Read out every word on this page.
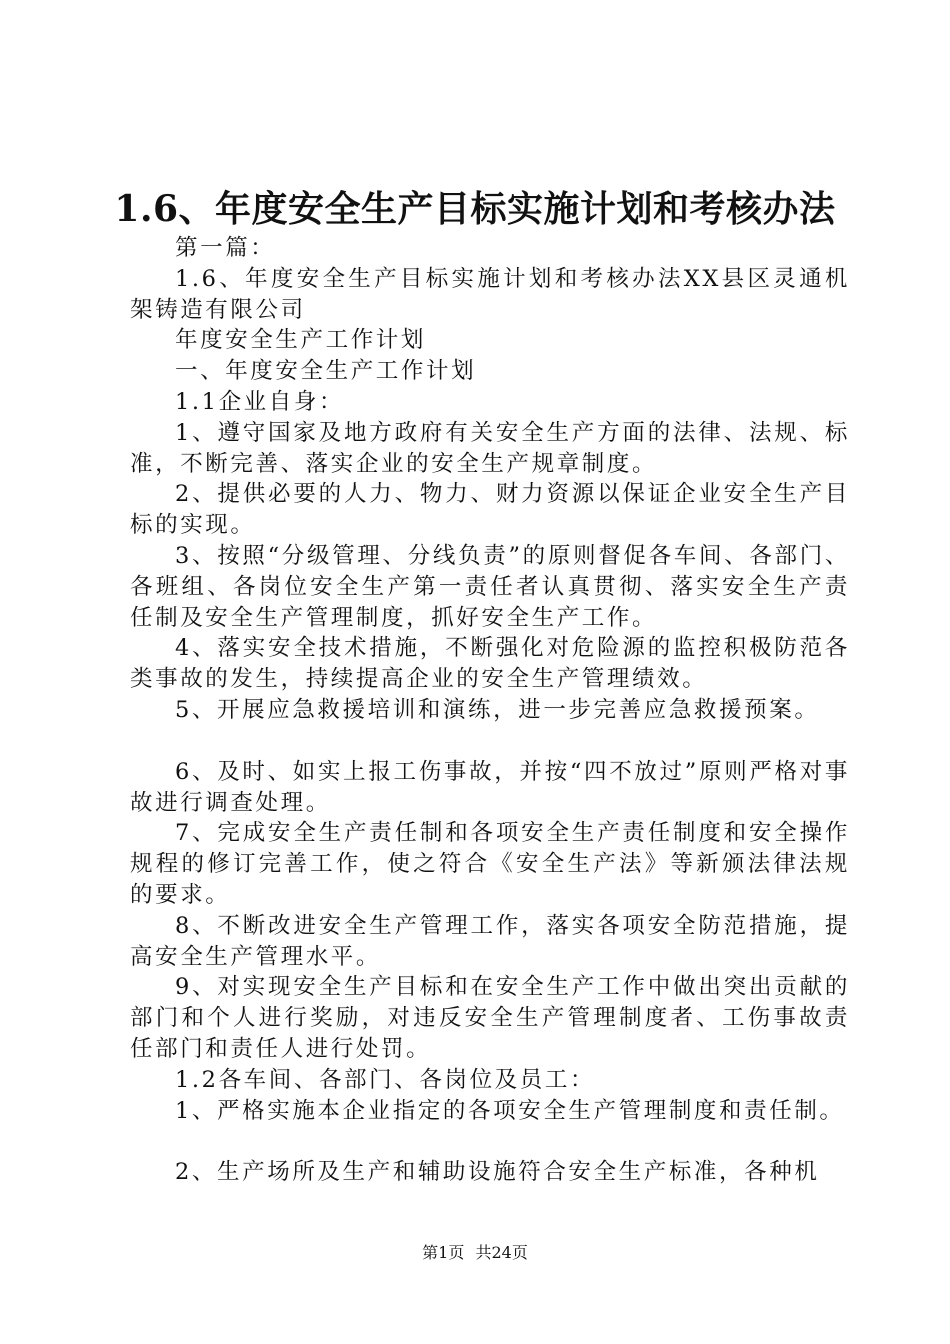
1.6、年度安全生产目标实施计划和考核办法

第一篇：

1.6、年度安全生产目标实施计划和考核办法XX县区灵通机架铸造有限公司

年度安全生产工作计划

一、年度安全生产工作计划

1.1企业自身：

1、遵守国家及地方政府有关安全生产方面的法律、法规、标准，不断完善、落实企业的安全生产规章制度。

2、提供必要的人力、物力、财力资源以保证企业安全生产目标的实现。

3、按照“分级管理、分线负责”的原则督促各车间、各部门、各班组、各岗位安全生产第一责任者认真贯彻、落实安全生产责任制及安全生产管理制度，抓好安全生产工作。

4、落实安全技术措施，不断强化对危险源的监控积极防范各类事故的发生，持续提高企业的安全生产管理绩效。

5、开展应急救援培训和演练，进一步完善应急救援预案。

6、及时、如实上报工伤事故，并按“四不放过”原则严格对事故进行调查处理。

7、完成安全生产责任制和各项安全生产责任制度和安全操作规程的修订完善工作，使之符合《安全生产法》等新颁法律法规的要求。

8、不断改进安全生产管理工作，落实各项安全防范措施，提高安全生产管理水平。

9、对实现安全生产目标和在安全生产工作中做出突出贡献的部门和个人进行奖励，对违反安全生产管理制度者、工伤事故责任部门和责任人进行处罚。

1.2各车间、各部门、各岗位及员工：

1、严格实施本企业指定的各项安全生产管理制度和责任制。

2、生产场所及生产和辅助设施符合安全生产标准，各种机

第1页 共24页
